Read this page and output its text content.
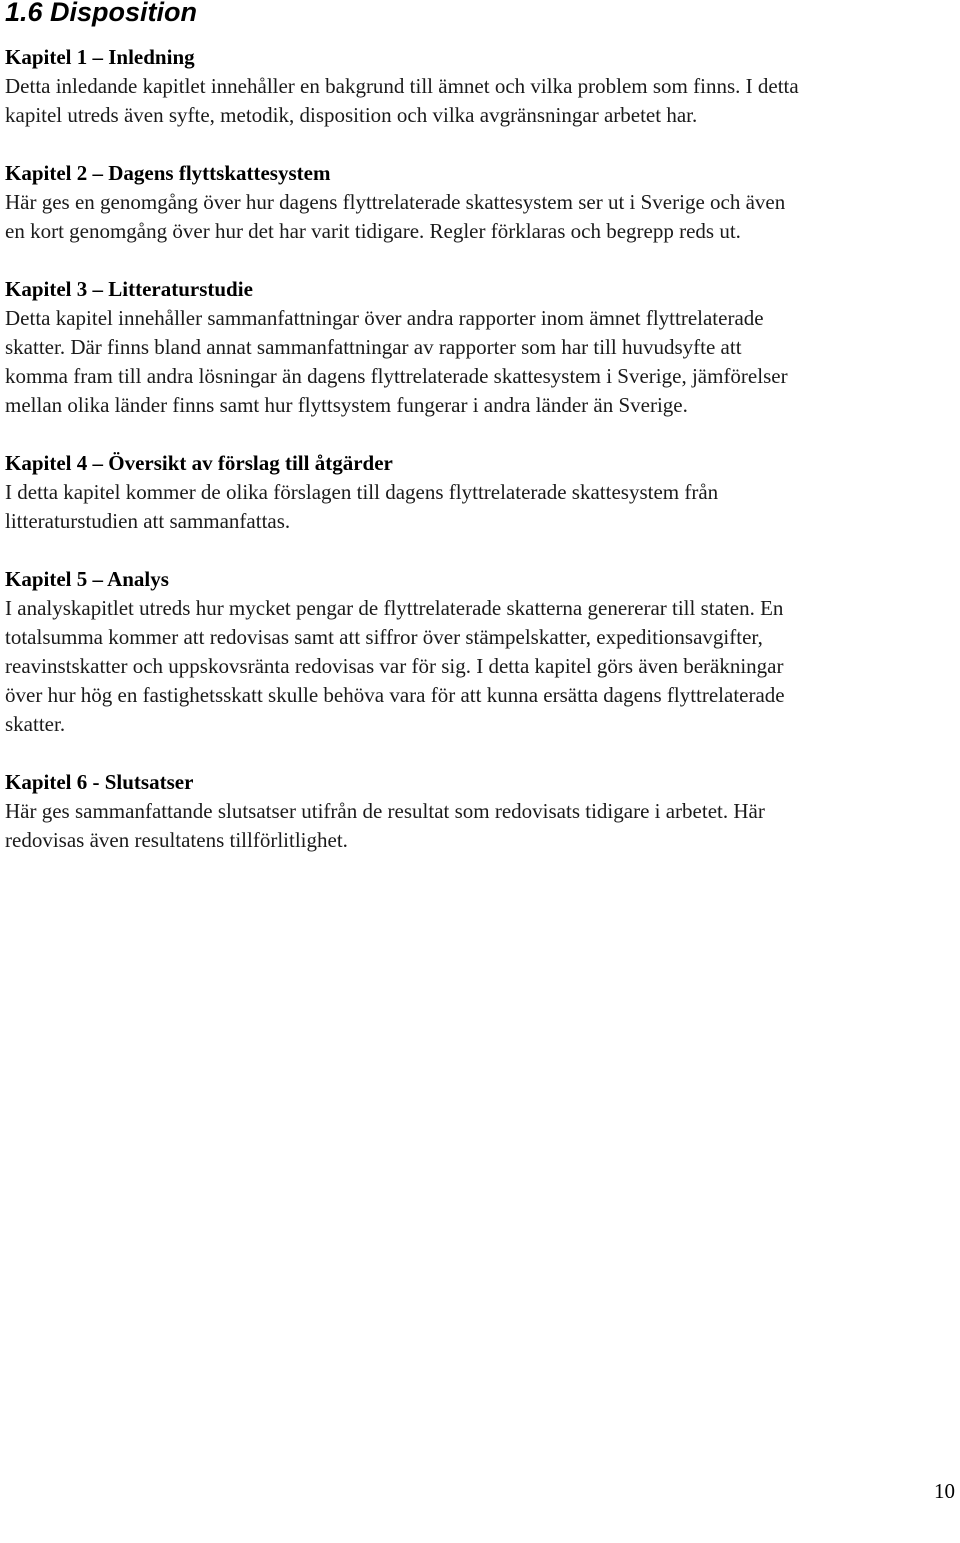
1.6 Disposition

Kapitel 1 – Inledning

Detta inledande kapitlet innehåller en bakgrund till ämnet och vilka problem som finns. I detta

kapitel utreds även syfte, metodik, disposition och vilka avgränsningar arbetet har.

Kapitel 2 – Dagens flyttskattesystem

Här ges en genomgång över hur dagens flyttrelaterade skattesystem ser ut i Sverige och även

en kort genomgång över hur det har varit tidigare. Regler förklaras och begrepp reds ut.

Kapitel 3 – Litteraturstudie

Detta kapitel innehåller sammanfattningar över andra rapporter inom ämnet flyttrelaterade

skatter. Där finns bland annat sammanfattningar av rapporter som har till huvudsyfte att

komma fram till andra lösningar än dagens flyttrelaterade skattesystem i Sverige, jämförelser

mellan olika länder finns samt hur flyttsystem fungerar i andra länder än Sverige.

Kapitel 4 – Översikt av förslag till åtgärder

I detta kapitel kommer de olika förslagen till dagens flyttrelaterade skattesystem från

litteraturstudien att sammanfattas.

Kapitel 5 – Analys

I analyskapitlet utreds hur mycket pengar de flyttrelaterade skatterna genererar till staten. En

totalsumma kommer att redovisas samt att siffror över stämpelskatter, expeditionsavgifter,

reavinstskatter och uppskovsränta redovisas var för sig. I detta kapitel görs även beräkningar

över hur hög en fastighetsskatt skulle behöva vara för att kunna ersätta dagens flyttrelaterade

skatter.

Kapitel 6 - Slutsatser

Här ges sammanfattande slutsatser utifrån de resultat som redovisats tidigare i arbetet. Här

redovisas även resultatens tillförlitlighet.

10
